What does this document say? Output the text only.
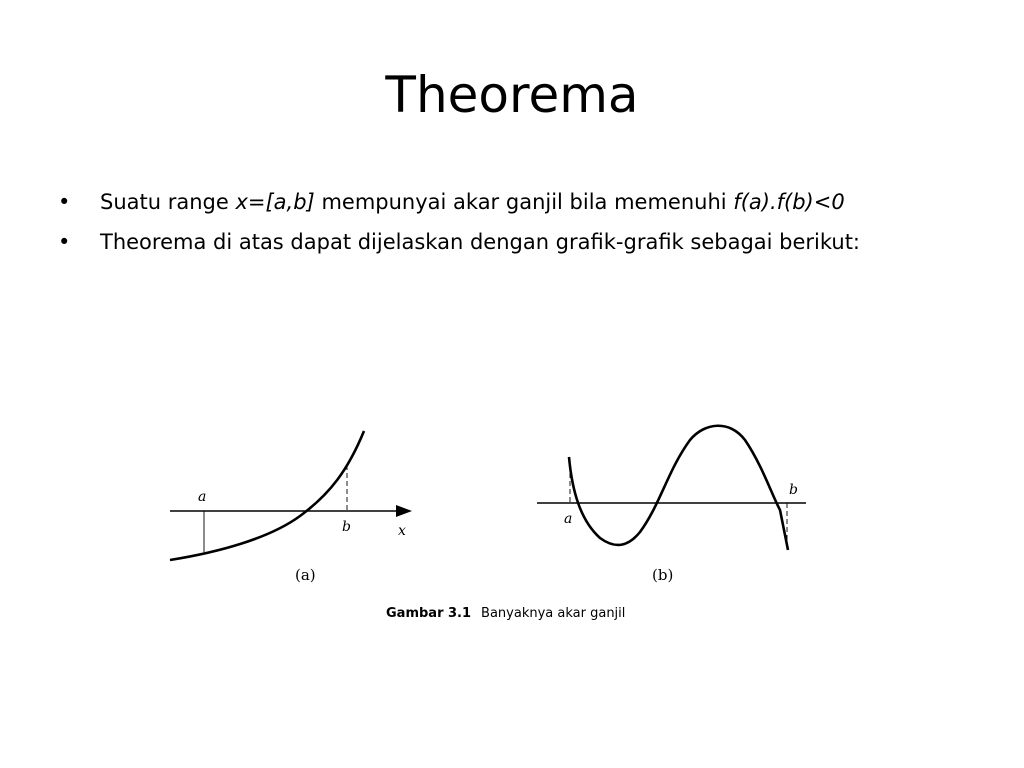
Theorema
• Suatu range x=[a,b] mempunyai akar ganjil bila memenuhi f(a).f(b)<0
• Theorema di atas dapat dijelaskan dengan grafik-grafik sebagai berikut:
a
b	x
(a)
a
b
(b)
Gambar 3.1 Banyaknya akar ganjil
